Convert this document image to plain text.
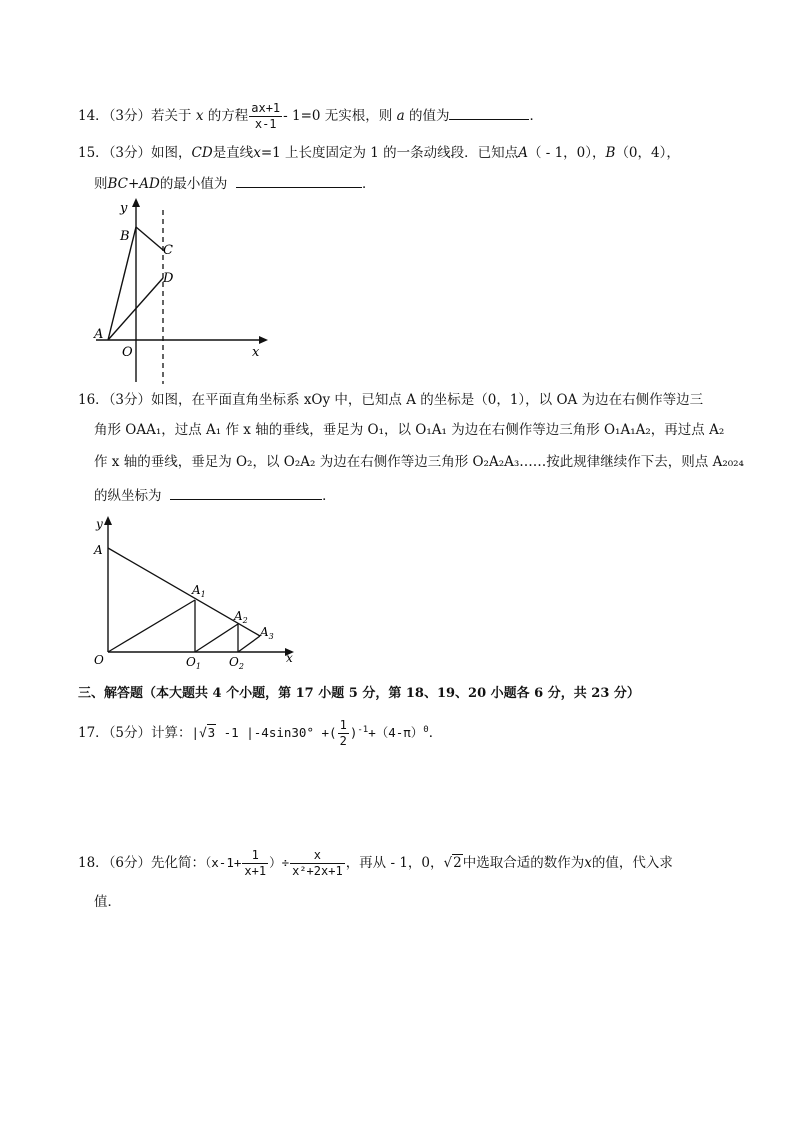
14．（3分）若关于 x 的方程 $\frac{ax+1}{x-1} - 1=0$ 无实根，则 a 的值为	．
15．（3分）如图，CD是直线x=1 上长度固定为 1 的一条动线段．已知点A（ - 1，0），B（0，4），
则BC+AD的最小值为	．
y
B
C
D
A
O	x
16．（3分）如图，在平面直角坐标系 xOy 中，已知点 A 的坐标是（0，1），以 OA 为边在右侧作等边三
角形 OAA₁，过点 A₁ 作 x 轴的垂线，垂足为 O₁，以 O₁A₁ 为边在右侧作等边三角形 O₁A₁A₂，再过点 A₂
作 x 轴的垂线，垂足为 O₂，以 O₂A₂ 为边在右侧作等边三角形 O₂A₂A₃……按此规律继续作下去，则点 A₂₀₂₄
的纵坐标为	．
y
A
$A_1$
$A_2$
$A_3$
O	$O_1$ $O_2$
x
三、解答题（本大题共 4 个小题，第 17 小题 5 分，第 18、19、20 小题各 6 分，共 23 分）
17．（5分）计算：|√3 -1 |-4sin30° +( $\frac{1}{2} )^{-1}+(4-\pi)^0$．
18．（6分）先化简：（$x-1+ \frac{1}{x+1}$ ）÷ $\frac{x}{\text{x²+2x+1}}$ ，再从 - 1，0，√2中选取合适的数作为x的值，代入求
值．
